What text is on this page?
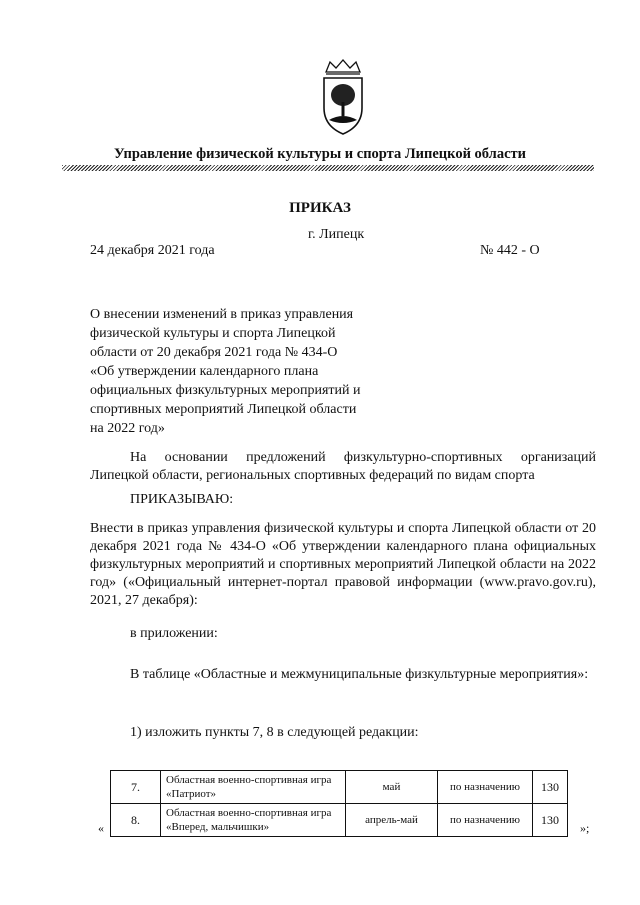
Управление физической культуры и спорта Липецкой области
ПРИКАЗ
г. Липецк
24 декабря 2021 года	№ 442 - О
О внесении изменений в приказ управления
физической культуры и спорта Липецкой
области от 20 декабря 2021 года № 434-О
«Об утверждении календарного плана
официальных физкультурных мероприятий и
спортивных мероприятий Липецкой области
на 2022 год»
На основании предложений физкультурно-спортивных организаций Липецкой области, региональных спортивных федераций по видам спорта
ПРИКАЗЫВАЮ:
Внести в приказ управления физической культуры и спорта Липецкой области от 20 декабря 2021 года № 434-О «Об утверждении календарного плана официальных физкультурных мероприятий и спортивных мероприятий Липецкой области на 2022 год» («Официальный интернет-портал правовой информации (www.pravo.gov.ru), 2021, 27 декабря):
в приложении:
В таблице «Областные и межмуниципальные физкультурные мероприятия»:
1) изложить пункты 7, 8 в следующей редакции:
«
7.	Областная военно-спортивная игра «Патриот»	май	по назначению	130
8.	Областная военно-спортивная игра «Вперед, мальчишки»	апрель-май	по назначению	130
»;
